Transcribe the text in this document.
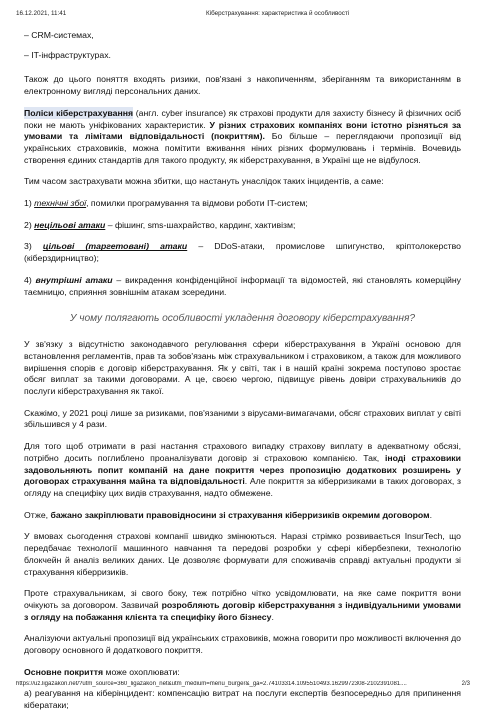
16.12.2021, 11:41	Кіберстрахування: характеристика й особливості

– CRM-системах,

– IT-інфраструктурах.

Також до цього поняття входять ризики, пов'язані з накопиченням, зберіганням та використанням в електронному вигляді персональних даних.

Поліси кіберстрахування (англ. cyber insurance) як страхові продукти для захисту бізнесу й фізичних осіб поки не мають уніфікованих характеристик. У різних страхових компаніях вони істотно різняться за умовами та лімітами відповідальності (покриттям). Бо більше – переглядаючи пропозиції від українських страховиків, можна помітити вживання ніних різних формулювань і термінів. Вочевидь створення єдиних стандартів для такого продукту, як кіберстрахування, в Україні ще не відбулося.

Тим часом застрахувати можна збитки, що настануть унаслідок таких інцидентів, а саме:

1) технічні збої, помилки програмування та відмови роботи IT-систем;

2) нецільові атаки – фішинг, sms-шахрайство, кардинг, хактивізм;

3) цільові (таргетовані) атаки – DDoS-атаки, промислове шпигунство, кріптолокерство (кіберздирництво);

4) внутрішні атаки – викрадення конфіденційної інформації та відомостей, які становлять комерційну таємницю, сприяння зовнішнім атакам зсередини.

У чому полягають особливості укладення договору кіберстрахування?

У зв'язку з відсутністю законодавчого регулювання сфери кіберстрахування в Україні основою для встановлення регламентів, прав та зобов'язань між страхувальником і страховиком, а також для можливого вирішення спорів є договір кіберстрахування. Як у світі, так і в нашій країні зокрема поступово зростає обсяг виплат за такими договорами. А це, своєю чергою, підвищує рівень довіри страхувальників до послуги кіберстрахування як такої.

Скажімо, у 2021 році лише за ризиками, пов'язаними з вірусами-вимагачами, обсяг страхових виплат у світі збільшився у 4 рази.

Для того щоб отримати в разі настання страхового випадку страхову виплату в адекватному обсязі, потрібно досить поглиблено проаналізувати договір зі страховою компанією. Так, іноді страховики задовольняють попит компаній на дане покриття через пропозицію додаткових розширень у договорах страхування майна та відповідальності. Але покриття за кіберризиками в таких договорах, з огляду на специфіку цих видів страхування, надто обмежене.

Отже, бажано закріплювати правовідносини зі страхування кіберризиків окремим договором.

У вмовах сьогодення страхові компанії швидко змінюються. Наразі стрімко розвивається InsurTech, що передбачає технології машинного навчання та передові розробки у сфері кібербезпеки, технологію блокчейн й аналіз великих даних. Це дозволяє формувати для споживачів справді актуальні продукти зі страхування кіберризиків.

Проте страхувальникам, зі свого боку, теж потрібно чітко усвідомлювати, на яке саме покриття вони очікують за договором. Зазвичай розробляють договір кіберстрахування з індивідуальними умовами з огляду на побажання клієнта та специфіку його бізнесу.

Аналізуючи актуальні пропозиції від українських страховиків, можна говорити про можливості включення до договору основного й додаткового покриття.

Основне покриття може охоплювати:

а) реагування на кіберінцидент: компенсацію витрат на послуги експертів безпосередньо для припинення кібератаки;

https://uz.ligazakon.net/?utm_source=360_ligazakon_net&utm_medium=menu_burger&_ga=2.74103314.1095510493.1629972308-2102391081....	2/3
